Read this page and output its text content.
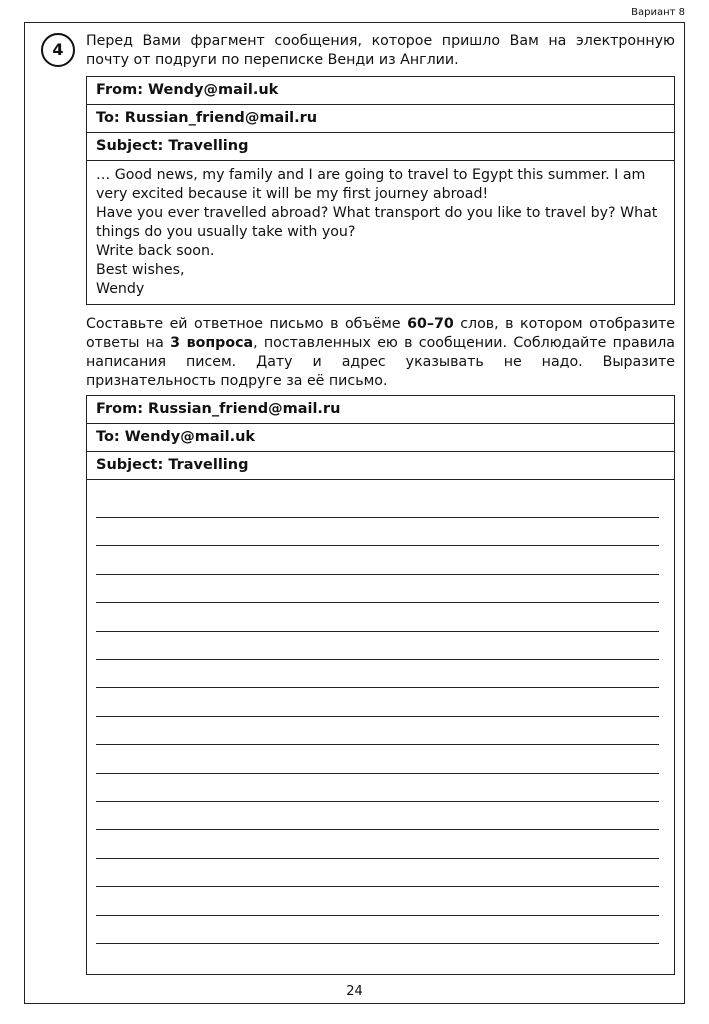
Вариант 8
4	Перед Вами фрагмент сообщения, которое пришло Вам на электронную почту от подруги по переписке Венди из Англии.

From: Wendy@mail.uk
To: Russian_friend@mail.ru
Subject: Travelling
… Good news, my family and I are going to travel to Egypt this summer. I am
very excited because it will be my first journey abroad!
Have you ever travelled abroad? What transport do you like to travel by? What
things do you usually take with you?
Write back soon.
Best wishes,
Wendy

Составьте ей ответное письмо в объёме 60–70 слов, в котором отобразите ответы на 3 вопроса, поставленных ею в сообщении. Соблюдайте правила написания писем. Дату и адрес указывать не надо. Выразите признательность подруге за её письмо.

From: Russian_friend@mail.ru
To: Wendy@mail.uk
Subject: Travelling
24
